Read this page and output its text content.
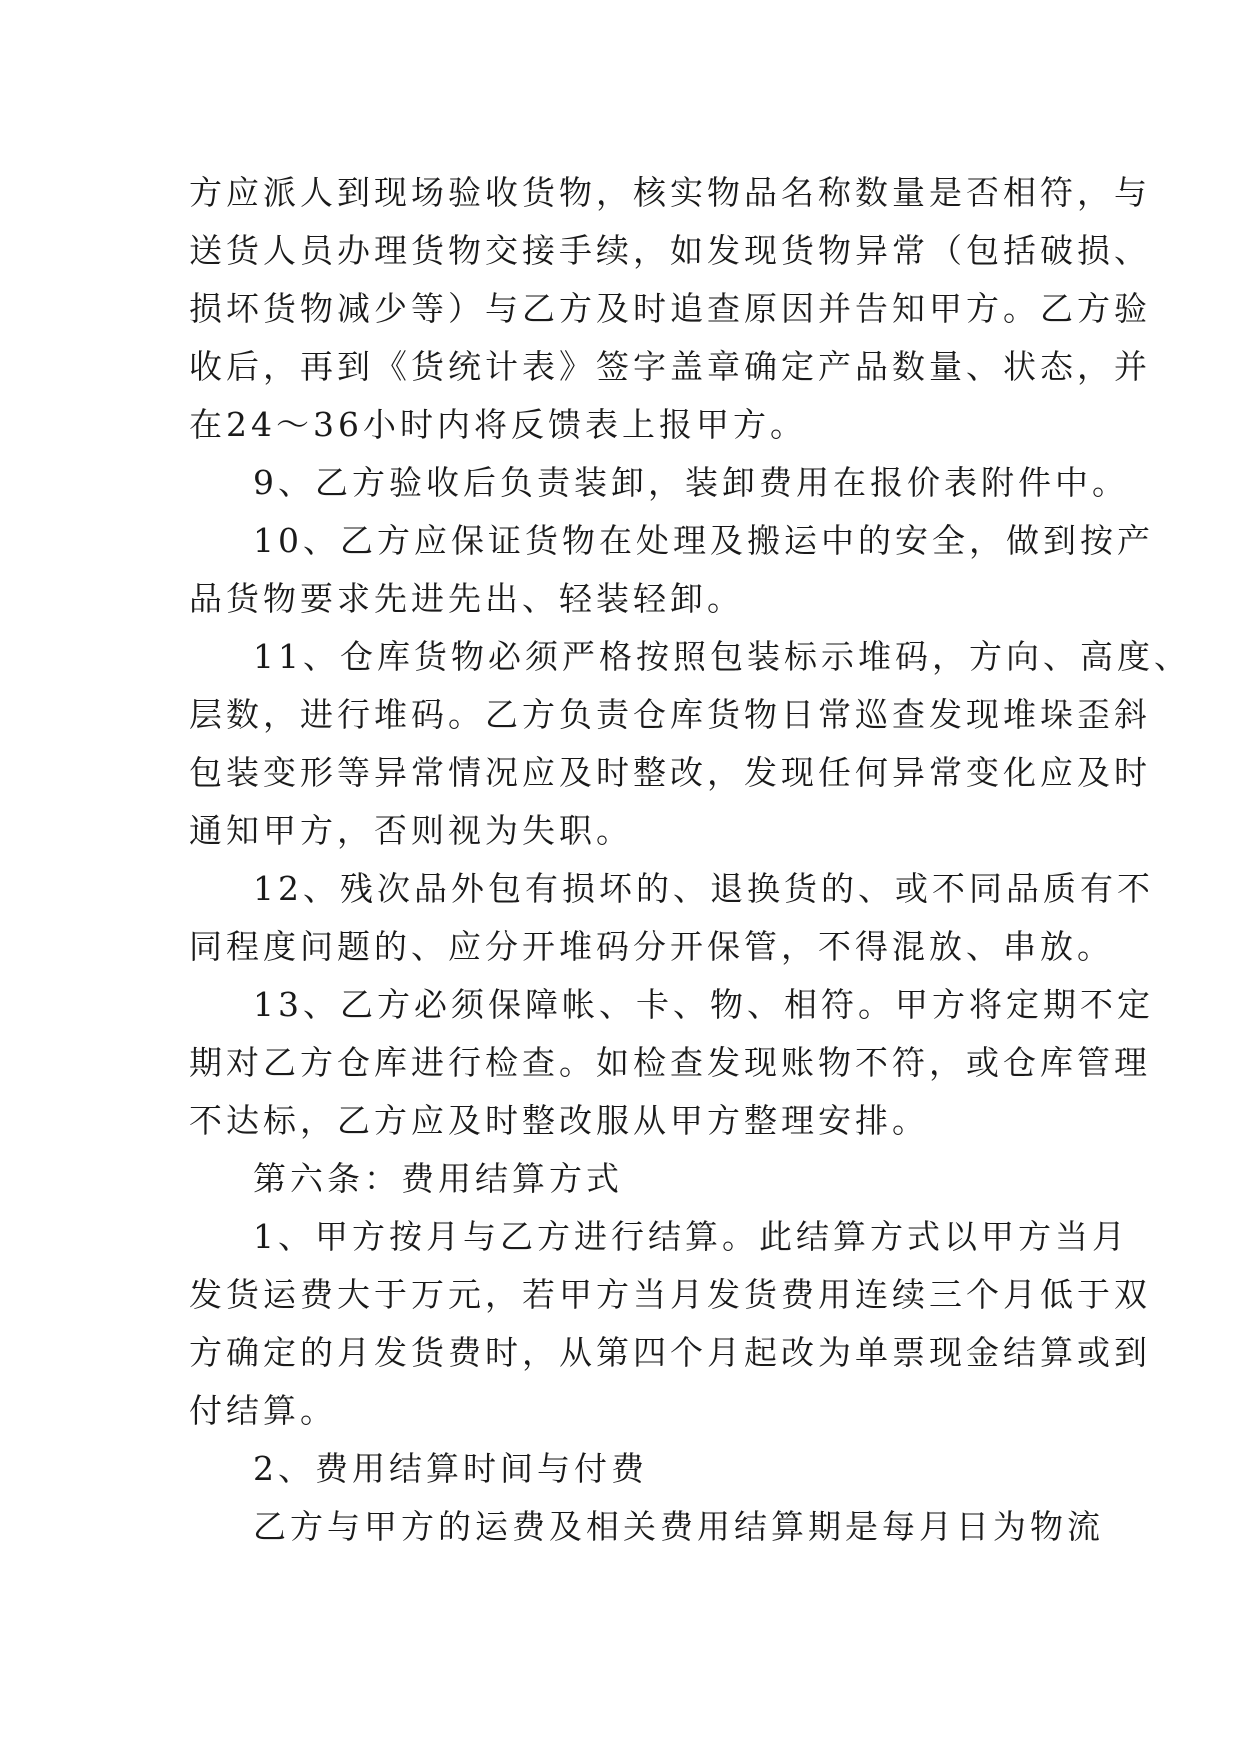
方应派人到现场验收货物，核实物品名称数量是否相符，与
送货人员办理货物交接手续，如发现货物异常（包括破损、
损坏货物减少等）与乙方及时追查原因并告知甲方。乙方验
收后，再到《货统计表》签字盖章确定产品数量、状态，并
在24～36小时内将反馈表上报甲方。
9、乙方验收后负责装卸，装卸费用在报价表附件中。
10、乙方应保证货物在处理及搬运中的安全，做到按产
品货物要求先进先出、轻装轻卸。
11、仓库货物必须严格按照包装标示堆码，方向、高度、
层数，进行堆码。乙方负责仓库货物日常巡查发现堆垛歪斜
包装变形等异常情况应及时整改，发现任何异常变化应及时
通知甲方，否则视为失职。
12、残次品外包有损坏的、退换货的、或不同品质有不
同程度问题的、应分开堆码分开保管，不得混放、串放。
13、乙方必须保障帐、卡、物、相符。甲方将定期不定
期对乙方仓库进行检查。如检查发现账物不符，或仓库管理
不达标，乙方应及时整改服从甲方整理安排。
第六条：费用结算方式
1、甲方按月与乙方进行结算。此结算方式以甲方当月
发货运费大于万元，若甲方当月发货费用连续三个月低于双
方确定的月发货费时，从第四个月起改为单票现金结算或到
付结算。
2、费用结算时间与付费
乙方与甲方的运费及相关费用结算期是每月日为物流
